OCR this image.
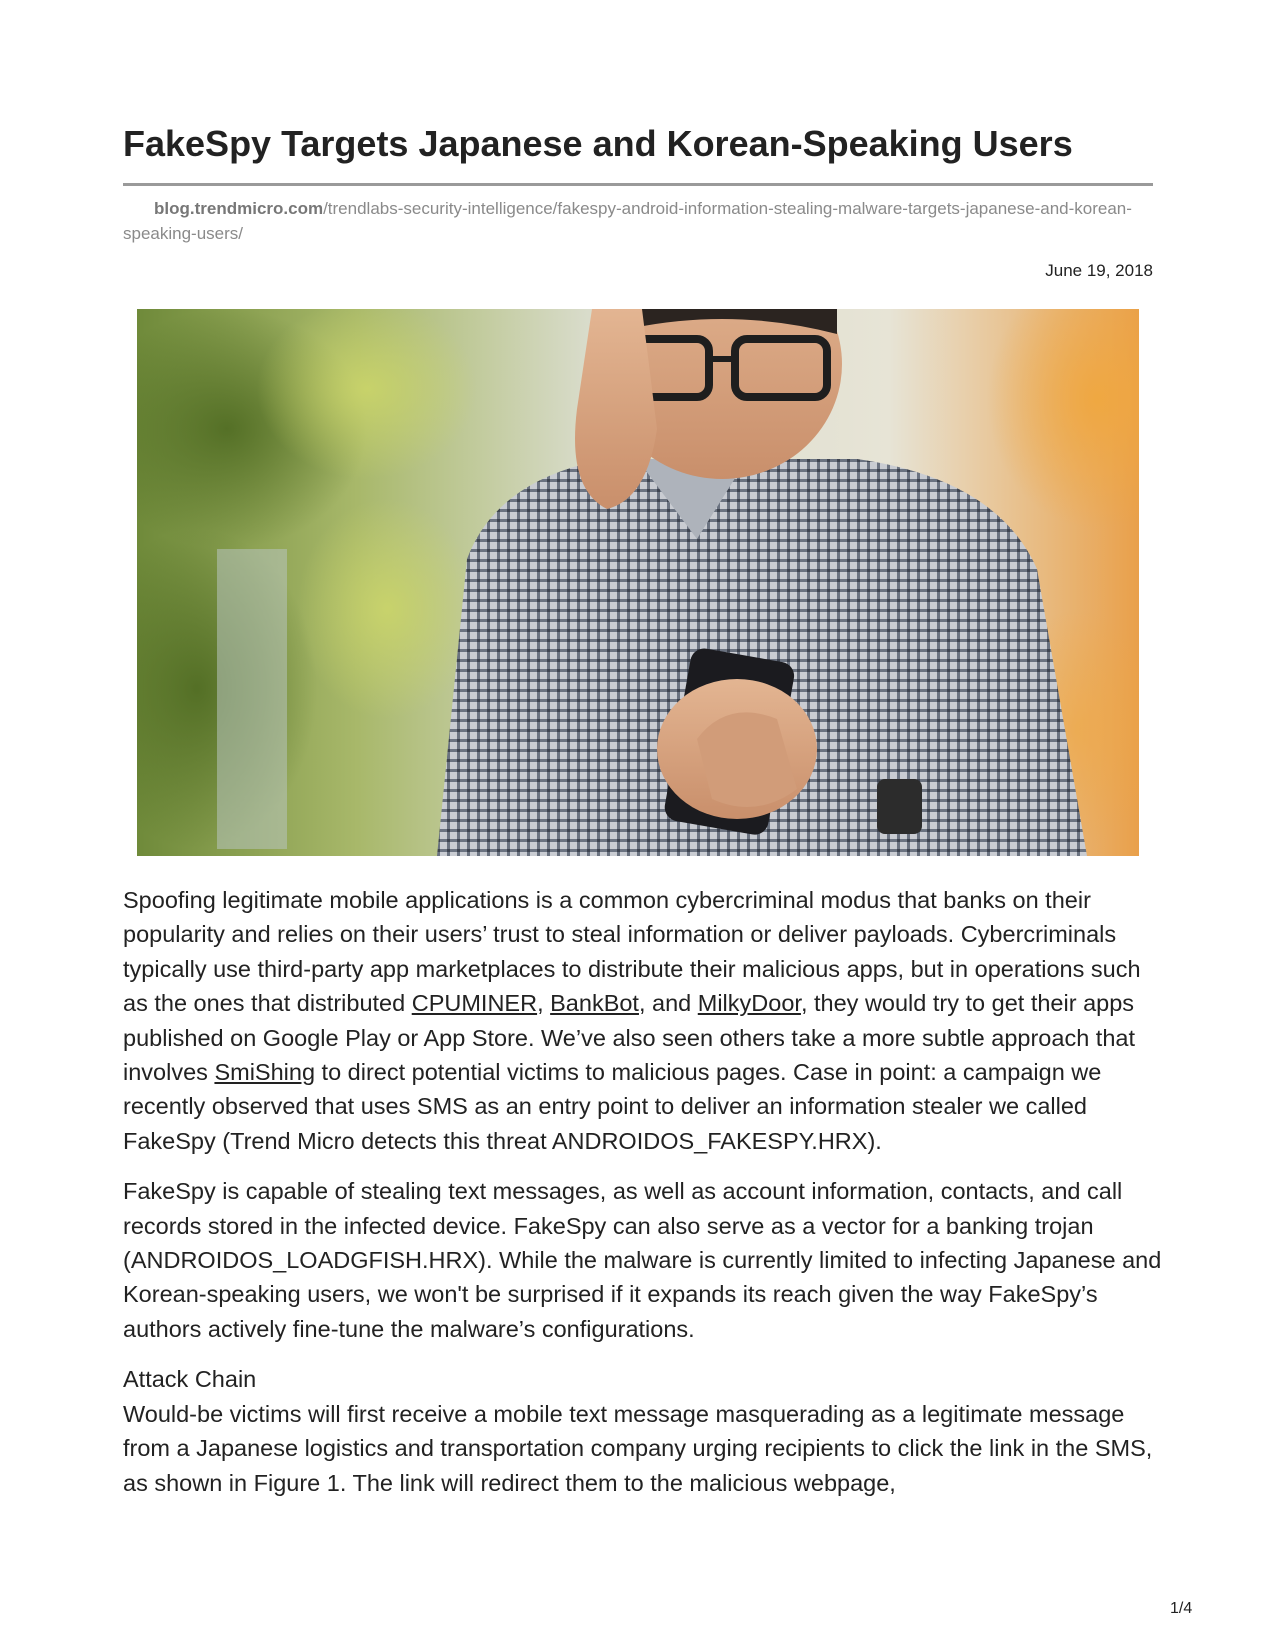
FakeSpy Targets Japanese and Korean-Speaking Users
blog.trendmicro.com/trendlabs-security-intelligence/fakespy-android-information-stealing-malware-targets-japanese-and-korean-speaking-users/
June 19, 2018

Spoofing legitimate mobile applications is a common cybercriminal modus that banks on their popularity and relies on their users’ trust to steal information or deliver payloads. Cybercriminals typically use third-party app marketplaces to distribute their malicious apps, but in operations such as the ones that distributed CPUMINER, BankBot, and MilkyDoor, they would try to get their apps published on Google Play or App Store. We’ve also seen others take a more subtle approach that involves SmiShing to direct potential victims to malicious pages. Case in point: a campaign we recently observed that uses SMS as an entry point to deliver an information stealer we called FakeSpy (Trend Micro detects this threat ANDROIDOS_FAKESPY.HRX).

FakeSpy is capable of stealing text messages, as well as account information, contacts, and call records stored in the infected device. FakeSpy can also serve as a vector for a banking trojan (ANDROIDOS_LOADGFISH.HRX). While the malware is currently limited to infecting Japanese and Korean-speaking users, we won't be surprised if it expands its reach given the way FakeSpy’s authors actively fine-tune the malware’s configurations.

Attack Chain

Would-be victims will first receive a mobile text message masquerading as a legitimate message from a Japanese logistics and transportation company urging recipients to click the link in the SMS, as shown in Figure 1. The link will redirect them to the malicious webpage,

1/4
